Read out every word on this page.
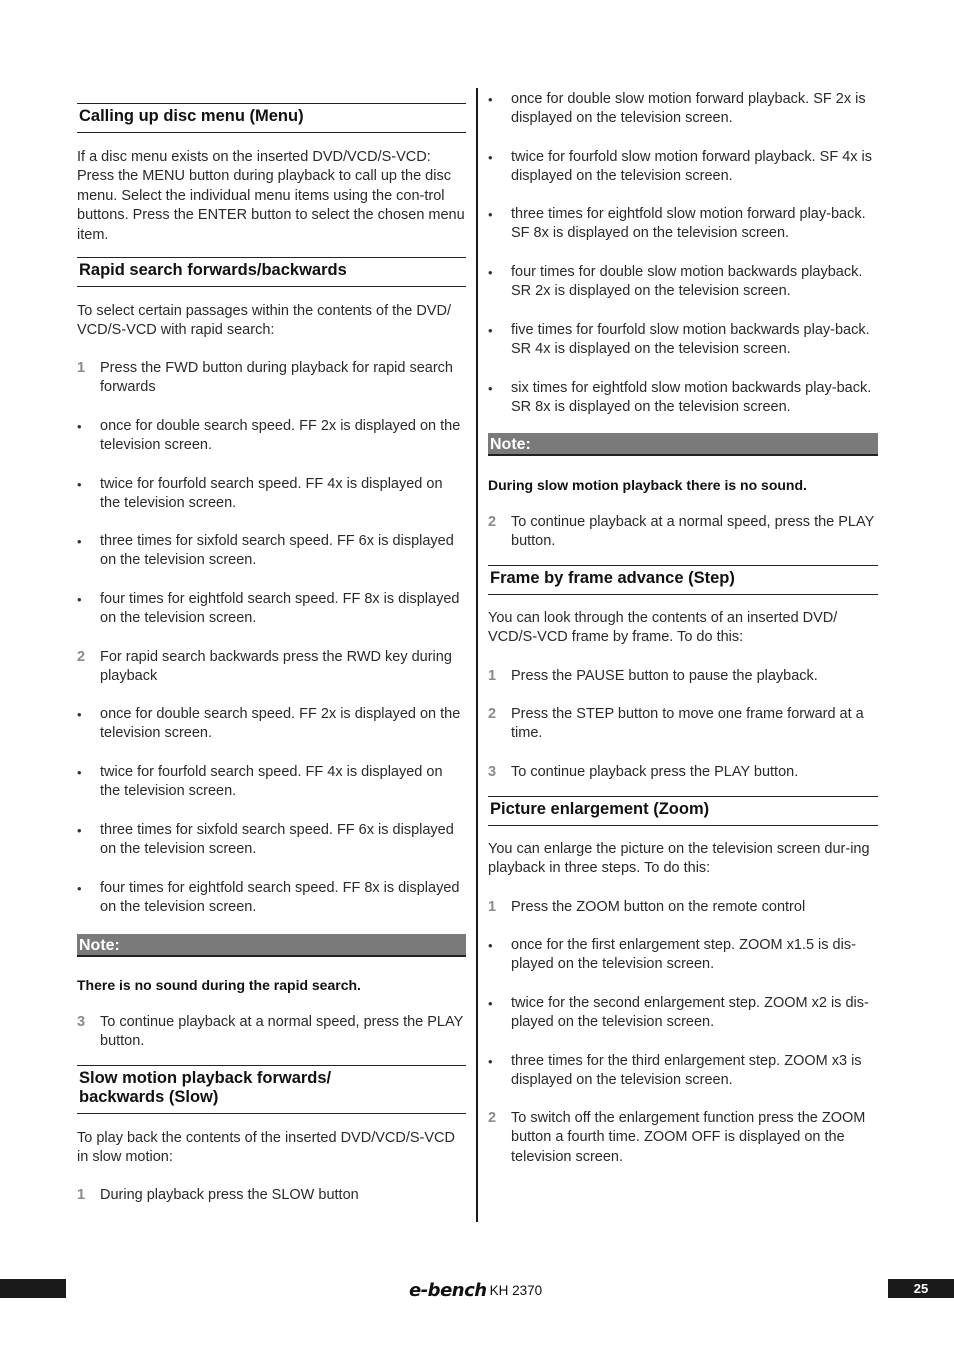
Calling up disc menu (Menu)
If a disc menu exists on the inserted DVD/VCD/S-VCD: Press the MENU button during playback to call up the disc menu. Select the individual menu items using the con-trol buttons. Press the ENTER button to select the chosen menu item.
Rapid search forwards/backwards
To select certain passages within the contents of the DVD/ VCD/S-VCD with rapid search:
1 Press the FWD button during playback for rapid search forwards
• once for double search speed. FF 2x is displayed on the television screen.
• twice for fourfold search speed. FF 4x is displayed on the television screen.
• three times for sixfold search speed. FF 6x is displayed on the television screen.
• four times for eightfold search speed. FF 8x is displayed on the television screen.
2 For rapid search backwards press the RWD key during playback
• once for double search speed. FF 2x is displayed on the television screen.
• twice for fourfold search speed. FF 4x is displayed on the television screen.
• three times for sixfold search speed. FF 6x is displayed on the television screen.
• four times for eightfold search speed. FF 8x is displayed on the television screen.
Note:
There is no sound during the rapid search.
3 To continue playback at a normal speed, press the PLAY button.
Slow motion playback forwards/
backwards (Slow)
To play back the contents of the inserted DVD/VCD/S-VCD in slow motion:
1 During playback press the SLOW button
• once for double slow motion forward playback. SF 2x is displayed on the television screen.
• twice for fourfold slow motion forward playback. SF 4x is displayed on the television screen.
• three times for eightfold slow motion forward play-back. SF 8x is displayed on the television screen.
• four times for double slow motion backwards playback. SR 2x is displayed on the television screen.
• five times for fourfold slow motion backwards play-back. SR 4x is displayed on the television screen.
• six times for eightfold slow motion backwards play-back. SR 8x is displayed on the television screen.
Note:
During slow motion playback there is no sound.
2 To continue playback at a normal speed, press the PLAY button.
Frame by frame advance (Step)
You can look through the contents of an inserted DVD/ VCD/S-VCD frame by frame. To do this:
1 Press the PAUSE button to pause the playback.
2 Press the STEP button to move one frame forward at a time.
3 To continue playback press the PLAY button.
Picture enlargement (Zoom)
You can enlarge the picture on the television screen dur-ing playback in three steps. To do this:
1 Press the ZOOM button on the remote control
• once for the first enlargement step. ZOOM x1.5 is dis-played on the television screen.
• twice for the second enlargement step. ZOOM x2 is dis-played on the television screen.
• three times for the third enlargement step. ZOOM x3 is displayed on the television screen.
2 To switch off the enlargement function press the ZOOM button a fourth time. ZOOM OFF is displayed on the television screen.
e-bench KH 2370	25
